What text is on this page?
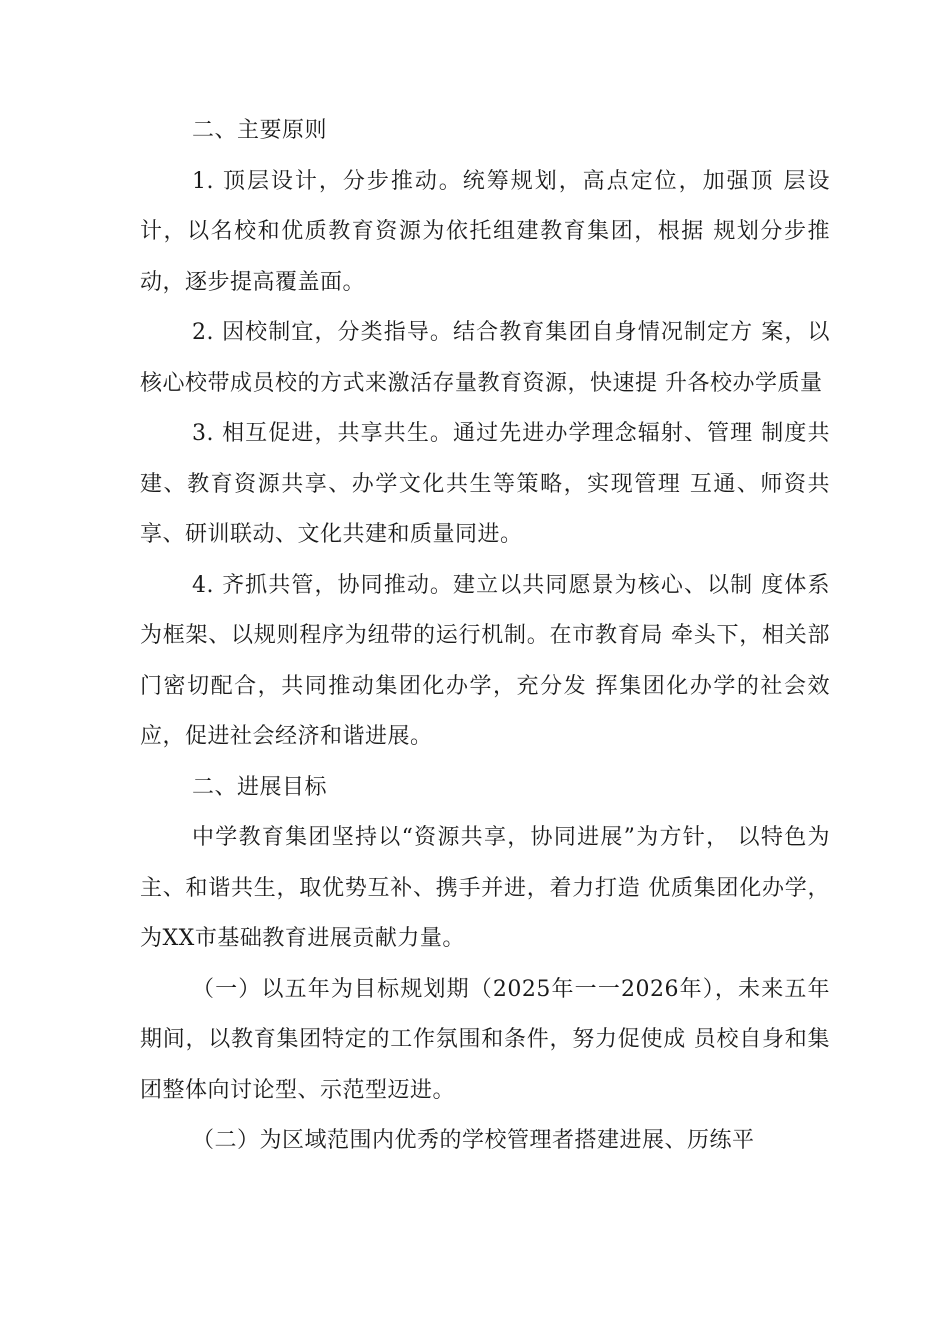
二、主要原则

1. 顶层设计，分步推动。统筹规划，高点定位，加强顶 层设计，以名校和优质教育资源为依托组建教育集团，根据 规划分步推动，逐步提高覆盖面。

2. 因校制宜，分类指导。结合教育集团自身情况制定方 案，以核心校带成员校的方式来激活存量教育资源，快速提 升各校办学质量

3. 相互促进，共享共生。通过先进办学理念辐射、管理 制度共建、教育资源共享、办学文化共生等策略，实现管理 互通、师资共享、研训联动、文化共建和质量同进。

4. 齐抓共管，协同推动。建立以共同愿景为核心、以制 度体系为框架、以规则程序为纽带的运行机制。在市教育局 牵头下，相关部门密切配合，共同推动集团化办学，充分发 挥集团化办学的社会效应，促进社会经济和谐进展。

二、进展目标

中学教育集团坚持以“资源共享，协同进展”为方针， 以特色为主、和谐共生，取优势互补、携手并进，着力打造 优质集团化办学，为XX市基础教育进展贡献力量。

（一）以五年为目标规划期（2025年一一2026年），未来五年期间，以教育集团特定的工作氛围和条件，努力促使成 员校自身和集团整体向讨论型、示范型迈进。

（二）为区域范围内优秀的学校管理者搭建进展、历练平
